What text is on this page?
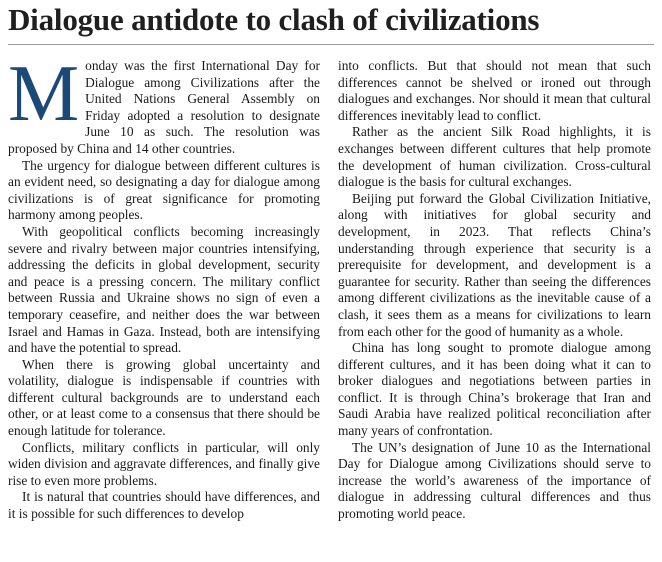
Dialogue antidote to clash of civilizations

Monday was the first International Day for Dialogue among Civilizations after the United Nations General Assembly on Friday adopted a resolution to designate June 10 as such. The resolution was proposed by China and 14 other countries.

The urgency for dialogue between different cultures is an evident need, so designating a day for dialogue among civilizations is of great significance for promoting harmony among peoples.

With geopolitical conflicts becoming increasingly severe and rivalry between major countries intensifying, addressing the deficits in global development, security and peace is a pressing concern. The military conflict between Russia and Ukraine shows no sign of even a temporary ceasefire, and neither does the war between Israel and Hamas in Gaza. Instead, both are intensifying and have the potential to spread.

When there is growing global uncertainty and volatility, dialogue is indispensable if countries with different cultural backgrounds are to understand each other, or at least come to a consensus that there should be enough latitude for tolerance.

Conflicts, military conflicts in particular, will only widen division and aggravate differences, and finally give rise to even more problems.

It is natural that countries should have differences, and it is possible for such differences to develop

into conflicts. But that should not mean that such differences cannot be shelved or ironed out through dialogues and exchanges. Nor should it mean that cultural differences inevitably lead to conflict.

Rather as the ancient Silk Road highlights, it is exchanges between different cultures that help promote the development of human civilization. Cross-cultural dialogue is the basis for cultural exchanges.

Beijing put forward the Global Civilization Initiative, along with initiatives for global security and development, in 2023. That reflects China’s understanding through experience that security is a prerequisite for development, and development is a guarantee for security. Rather than seeing the differences among different civilizations as the inevitable cause of a clash, it sees them as a means for civilizations to learn from each other for the good of humanity as a whole.

China has long sought to promote dialogue among different cultures, and it has been doing what it can to broker dialogues and negotiations between parties in conflict. It is through China’s brokerage that Iran and Saudi Arabia have realized political reconciliation after many years of confrontation.

The UN’s designation of June 10 as the International Day for Dialogue among Civilizations should serve to increase the world’s awareness of the importance of dialogue in addressing cultural differences and thus promoting world peace.
